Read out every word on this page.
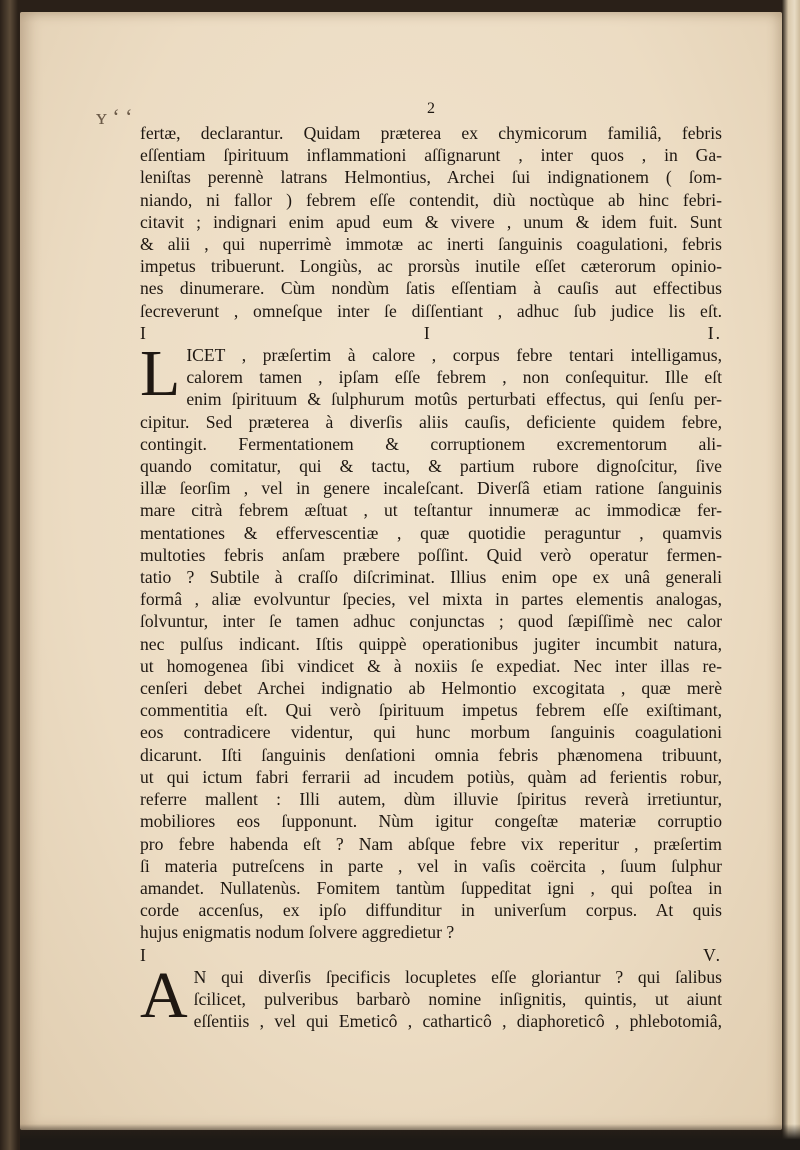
ʏ ‘ ‘	2
fertæ, declarantur. Quidam præterea ex chymicorum familiâ, febris
eſſentiam ſpirituum inflammationi aſſignarunt , inter quos , in Ga-
leniſtas perennè latrans Helmontius, Archei ſui indignationem ( ſom-
niando, ni fallor ) febrem eſſe contendit, diù noctùque ab hinc febri-
citavit ; indignari enim apud eum & vivere , unum & idem fuit. Sunt
& alii , qui nuperrimè immotæ ac inerti ſanguinis coagulationi, febris
impetus tribuerunt. Longiùs, ac prorsùs inutile eſſet cæterorum opinio-
nes dinumerare. Cùm nondùm ſatis eſſentiam à cauſis aut effectibus
ſecreverunt , omneſque inter ſe diſſentiant , adhuc ſub judice lis eſt.
I I I.
L ICET , præſertim à calore , corpus febre tentari intelligamus,
calorem tamen , ipſam eſſe febrem , non conſequitur. Ille eſt
enim ſpirituum & ſulphurum motûs perturbati effectus, qui ſenſu per-
cipitur. Sed præterea à diverſis aliis cauſis, deficiente quidem febre,
contingit. Fermentationem & corruptionem excrementorum ali-
quando comitatur, qui & tactu, & partium rubore dignoſcitur, ſive
illæ ſeorſim , vel in genere incaleſcant. Diverſâ etiam ratione ſanguinis
mare citrà febrem æſtuat , ut teſtantur innumeræ ac immodicæ fer-
mentationes & effervescentiæ , quæ quotidie peraguntur , quamvis
multoties febris anſam præbere poſſint. Quid verò operatur fermen-
tatio ? Subtile à craſſo diſcriminat. Illius enim ope ex unâ generali
formâ , aliæ evolvuntur ſpecies, vel mixta in partes elementis analogas,
ſolvuntur, inter ſe tamen adhuc conjunctas ; quod ſæpiſſimè nec calor
nec pulſus indicant. Iſtis quippè operationibus jugiter incumbit natura,
ut homogenea ſibi vindicet & à noxiis ſe expediat. Nec inter illas re-
cenſeri debet Archei indignatio ab Helmontio excogitata , quæ merè
commentitia eſt. Qui verò ſpirituum impetus febrem eſſe exiſtimant,
eos contradicere videntur, qui hunc morbum ſanguinis coagulationi
dicarunt. Iſti ſanguinis denſationi omnia febris phænomena tribuunt,
ut qui ictum fabri ferrarii ad incudem potiùs, quàm ad ferientis robur,
referre mallent : Illi autem, dùm illuvie ſpiritus reverà irretiuntur,
mobiliores eos ſupponunt. Nùm igitur congeſtæ materiæ corruptio
pro febre habenda eſt ? Nam abſque febre vix reperitur , præſertim
ſi materia putreſcens in parte , vel in vaſis coërcita , ſuum ſulphur
amandet. Nullatenùs. Fomitem tantùm ſuppeditat igni , qui poſtea in
corde accenſus, ex ipſo diffunditur in univerſum corpus. At quis
hujus enigmatis nodum ſolvere aggredietur ?
I V.
A N qui diverſis ſpecificis locupletes eſſe gloriantur ? qui ſalibus
ſcilicet, pulveribus barbarò nomine inſignitis, quintis, ut aiunt
eſſentiis , vel qui Emeticô , catharticô , diaphoreticô , phlebotomiâ,
